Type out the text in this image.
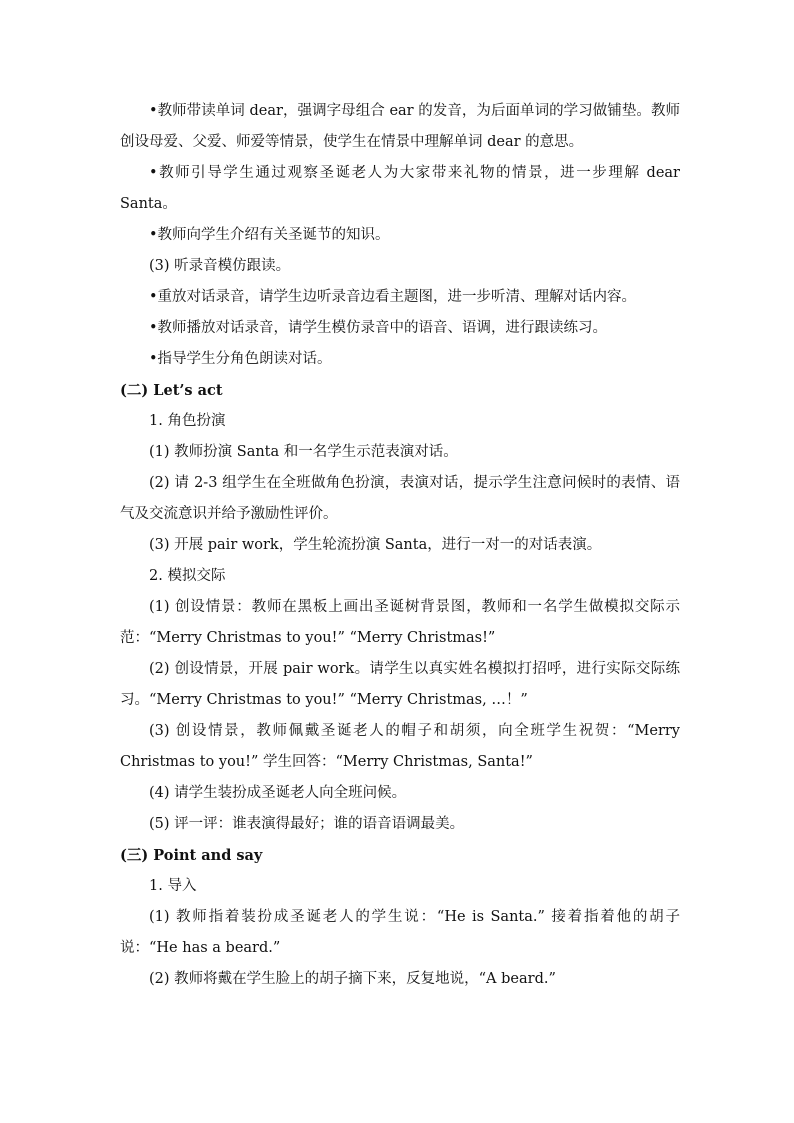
•教师带读单词 dear，强调字母组合 ear 的发音，为后面单词的学习做铺垫。教师创设母爱、父爱、师爱等情景，使学生在情景中理解单词 dear 的意思。

•教师引导学生通过观察圣诞老人为大家带来礼物的情景，进一步理解 dear Santa。

•教师向学生介绍有关圣诞节的知识。

(3) 听录音模仿跟读。

•重放对话录音，请学生边听录音边看主题图，进一步听清、理解对话内容。

•教师播放对话录音，请学生模仿录音中的语音、语调，进行跟读练习。

•指导学生分角色朗读对话。

(二) Let’s act

1. 角色扮演

(1) 教师扮演 Santa 和一名学生示范表演对话。

(2) 请 2-3 组学生在全班做角色扮演，表演对话，提示学生注意问候时的表情、语气及交流意识并给予激励性评价。

(3) 开展 pair work，学生轮流扮演 Santa，进行一对一的对话表演。

2. 模拟交际

(1) 创设情景：教师在黑板上画出圣诞树背景图，教师和一名学生做模拟交际示范：“Merry Christmas to you!” “Merry Christmas!”

(2) 创设情景，开展 pair work。请学生以真实姓名模拟打招呼，进行实际交际练习。“Merry Christmas to you!” “Merry Christmas, …！”

(3) 创设情景，教师佩戴圣诞老人的帽子和胡须，向全班学生祝贺：“Merry Christmas to you!” 学生回答：“Merry Christmas, Santa!”

(4) 请学生装扮成圣诞老人向全班问候。

(5) 评一评：谁表演得最好；谁的语音语调最美。

(三) Point and say

1. 导入

(1) 教师指着装扮成圣诞老人的学生说：“He is Santa.” 接着指着他的胡子说：“He has a beard.”

(2) 教师将戴在学生脸上的胡子摘下来，反复地说，“A beard.”
